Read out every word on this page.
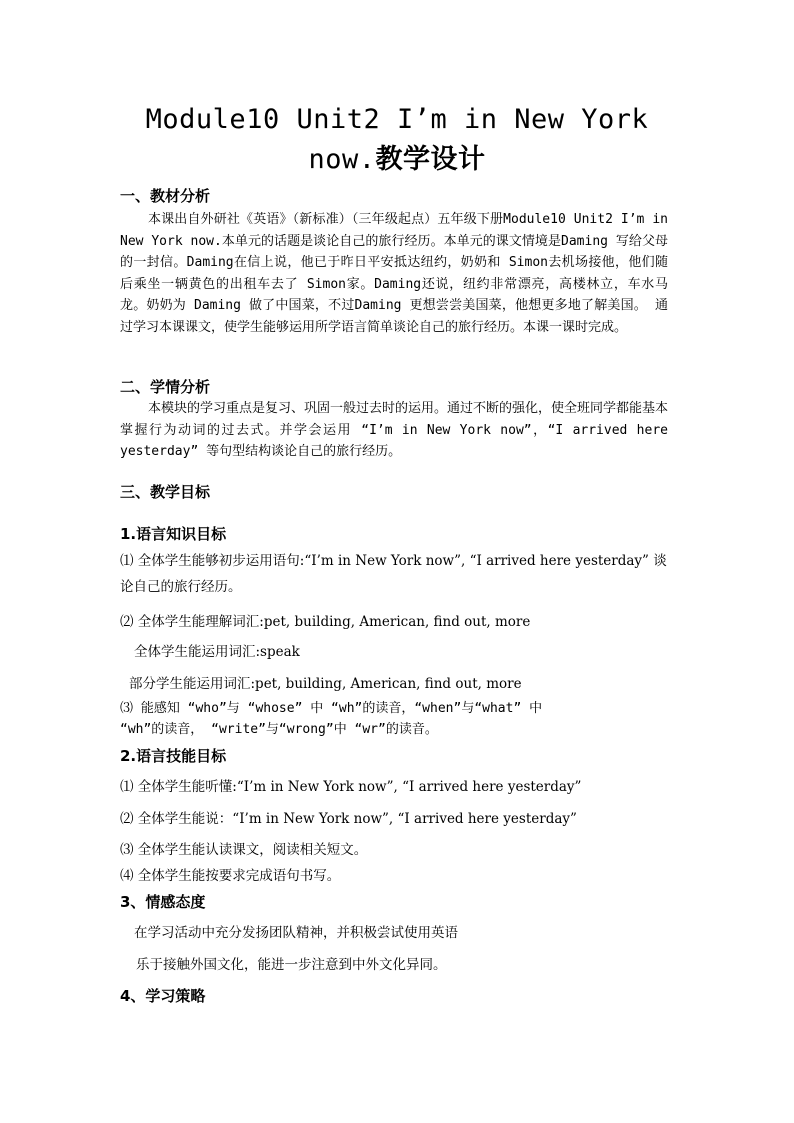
Module10 Unit2 I’m in New York
now.教学设计
一、教材分析

本课出自外研社《英语》（新标准）（三年级起点）五年级下册Module10 Unit2 I’m in New York now.本单元的话题是谈论自己的旅行经历。本单元的课文情境是Daming 写给父母的一封信。Daming在信上说，他已于昨日平安抵达纽约，奶奶和 Simon去机场接他，他们随后乘坐一辆黄色的出租车去了 Simon家。Daming还说，纽约非常漂亮，高楼林立，车水马龙。奶奶为 Daming 做了中国菜，不过Daming 更想尝尝美国菜，他想更多地了解美国。 通过学习本课课文，使学生能够运用所学语言简单谈论自己的旅行经历。本课一课时完成。

二、学情分析

本模块的学习重点是复习、巩固一般过去时的运用。通过不断的强化，使全班同学都能基本掌握行为动词的过去式。并学会运用 “I’m in New York now”，“I arrived here yesterday” 等句型结构谈论自己的旅行经历。

三、教学目标
1.语言知识目标
⑴ 全体学生能够初步运用语句:“I’m in New York now”, “I arrived here yesterday” 谈论自己的旅行经历。
⑵ 全体学生能理解词汇:pet, building, American, find out, more
全体学生能运用词汇:speak
部分学生能运用词汇:pet, building, American, find out, more
⑶ 能感知 “who”与 “whose” 中 “wh”的读音，“when”与“what” 中
“wh”的读音， “write”与“wrong”中 “wr”的读音。
2.语言技能目标
⑴ 全体学生能听懂:“I’m in New York now”, “I arrived here yesterday”
⑵ 全体学生能说：“I’m in New York now”, “I arrived here yesterday”
⑶ 全体学生能认读课文，阅读相关短文。
⑷ 全体学生能按要求完成语句书写。
3、情感态度
在学习活动中充分发扬团队精神，并积极尝试使用英语
乐于接触外国文化，能进一步注意到中外文化异同。
4、学习策略
